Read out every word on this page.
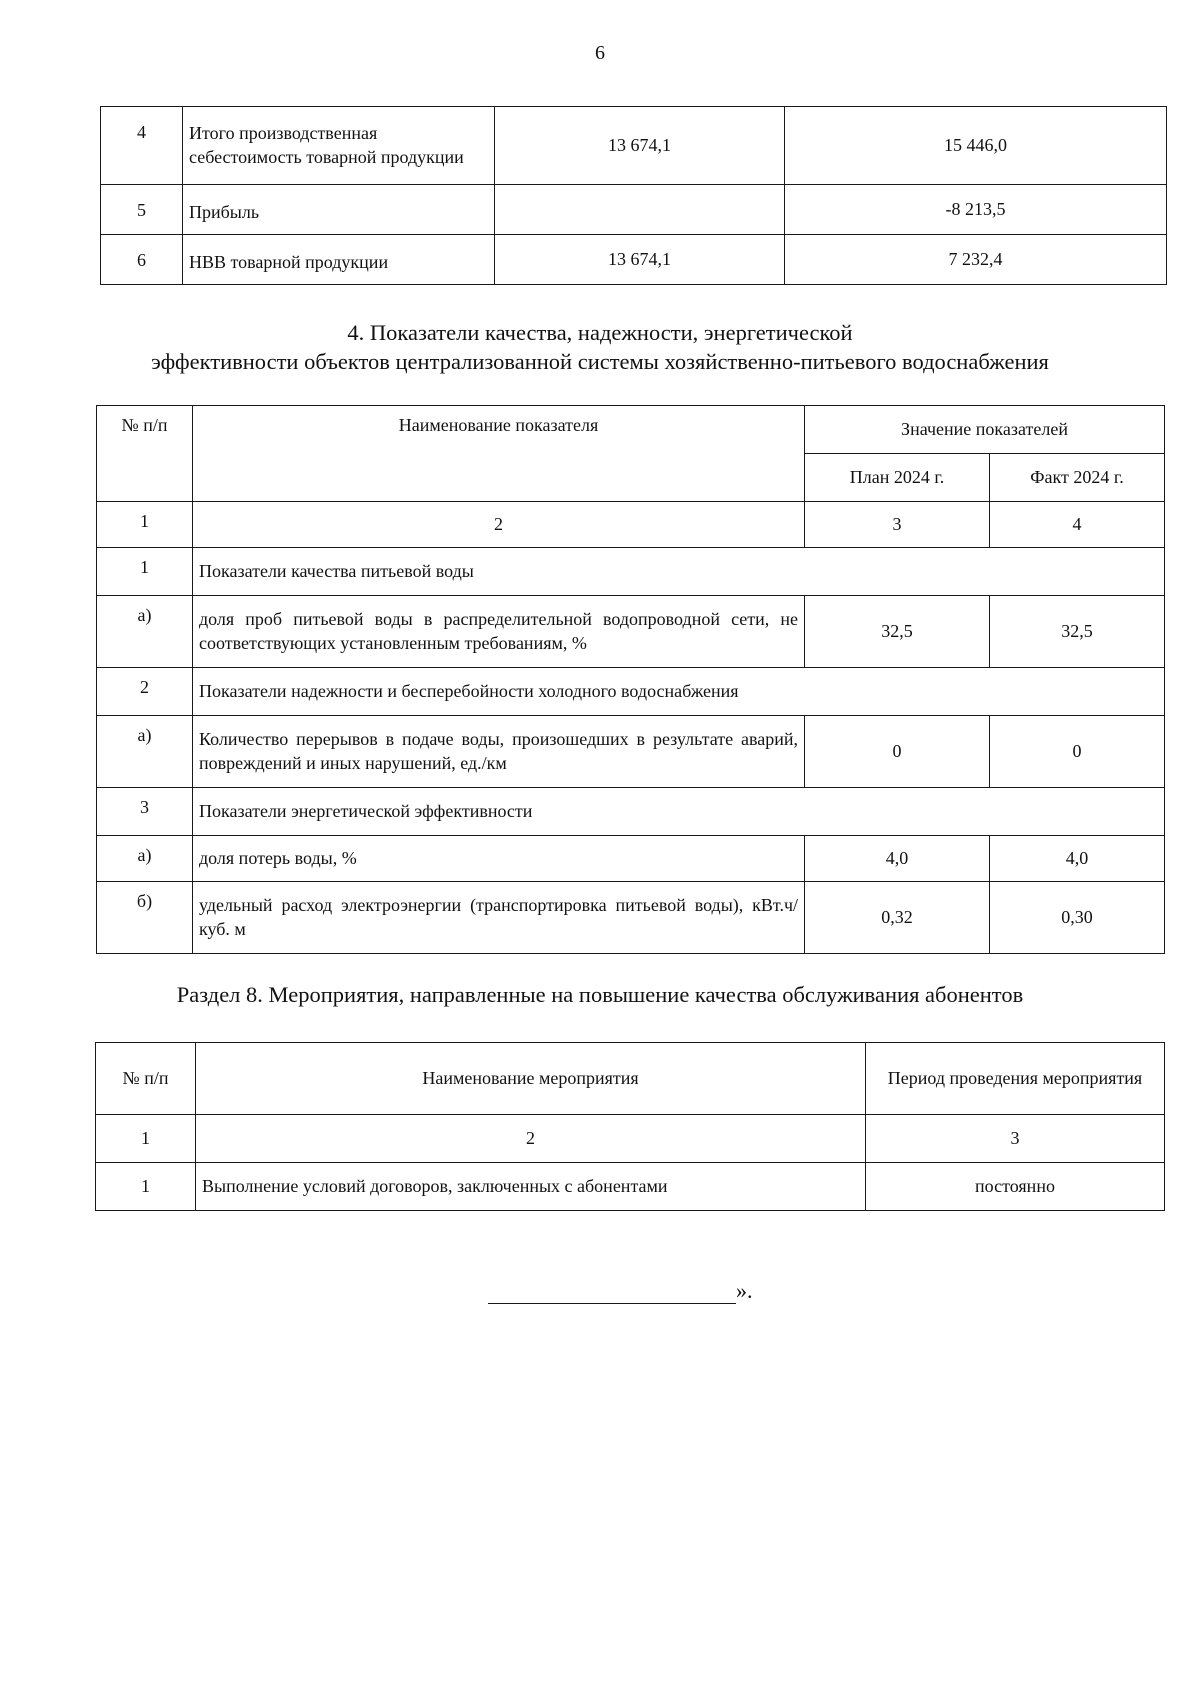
6
4	Итого производственная себестоимость товарной продукции	13 674,1	15 446,0
5	Прибыль		-8 213,5
6	НВВ товарной продукции	13 674,1	7 232,4
4. Показатели качества, надежности, энергетической
эффективности объектов централизованной системы хозяйственно-питьевого водоснабжения
№ п/п	Наименование показателя	Значение показателей	
		План 2024 г.	Факт 2024 г.
1	2	3	4
1	Показатели качества питьевой воды		
а)	доля проб питьевой воды в распределительной водопроводной сети, не соответствующих установленным требованиям, %	32,5	32,5
2	Показатели надежности и бесперебойности холодного водоснабжения		
а)	Количество перерывов в подаче воды, произошедших в результате аварий, повреждений и иных нарушений, ед./км	0	0
3	Показатели энергетической эффективности		
а)	доля потерь воды, %	4,0	4,0
б)	удельный расход электроэнергии (транспортировка питьевой воды), кВт.ч/куб. м	0,32	0,30
Раздел 8. Мероприятия, направленные на повышение качества обслуживания абонентов
№ п/п	Наименование мероприятия	Период проведения мероприятия
1	2	3
1	Выполнение условий договоров, заключенных с абонентами	постоянно
».
